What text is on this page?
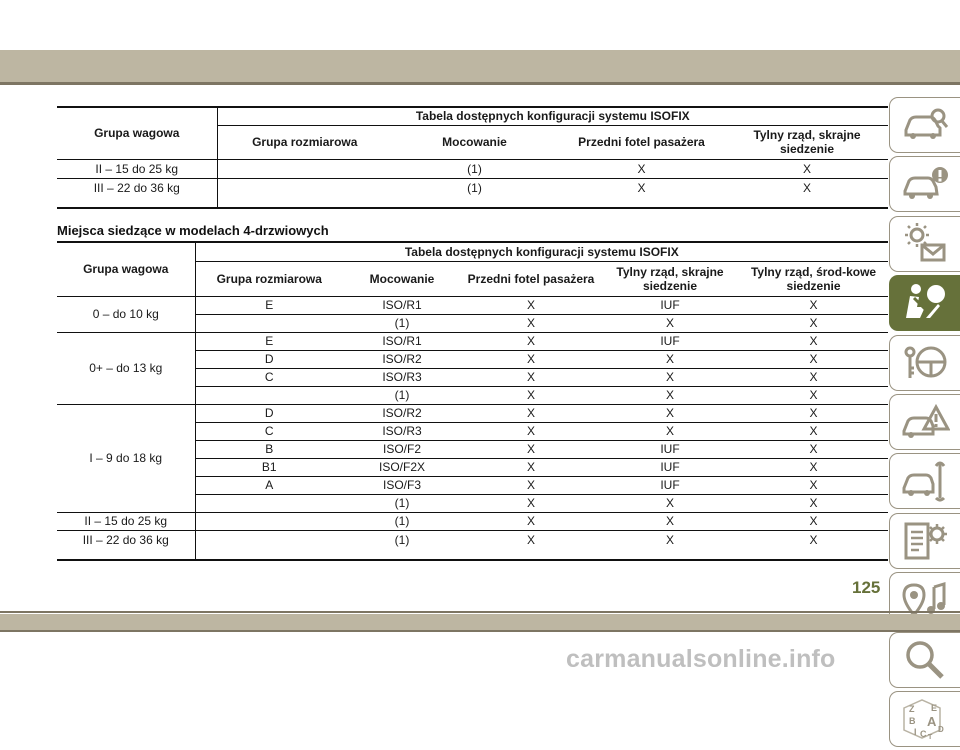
Grupa wagowa	Tabela dostępnych konfiguracji systemu ISOFIX			
	Grupa rozmiarowa	Mocowanie	Przedni fotel pasażera	Tylny rząd, skrajne siedzenie
II – 15 do 25 kg		(1)	X	X
III – 22 do 36 kg		(1)	X	X
Miejsca siedzące w modelach 4-drzwiowych
Grupa wagowa	Tabela dostępnych konfiguracji systemu ISOFIX				
	Grupa rozmiarowa	Mocowanie	Przedni fotel pasażera	Tylny rząd, skrajne siedzenie	Tylny rząd, środ-kowe siedzenie
0 – do 10 kg	E	ISO/R1	X	IUF	X
		(1)	X	X	X
0+ – do 13 kg	E	ISO/R1	X	IUF	X
	D	ISO/R2	X	X	X
	C	ISO/R3	X	X	X
		(1)	X	X	X
I – 9 do 18 kg	D	ISO/R2	X	X	X
	C	ISO/R3	X	X	X
	B	ISO/F2	X	IUF	X
	B1	ISO/F2X	X	IUF	X
	A	ISO/F3	X	IUF	X
		(1)	X	X	X
II – 15 do 25 kg		(1)	X	X	X
III – 22 do 36 kg		(1)	X	X	X
Z E
B A
I C D
T
125
carmanualsonline.info
